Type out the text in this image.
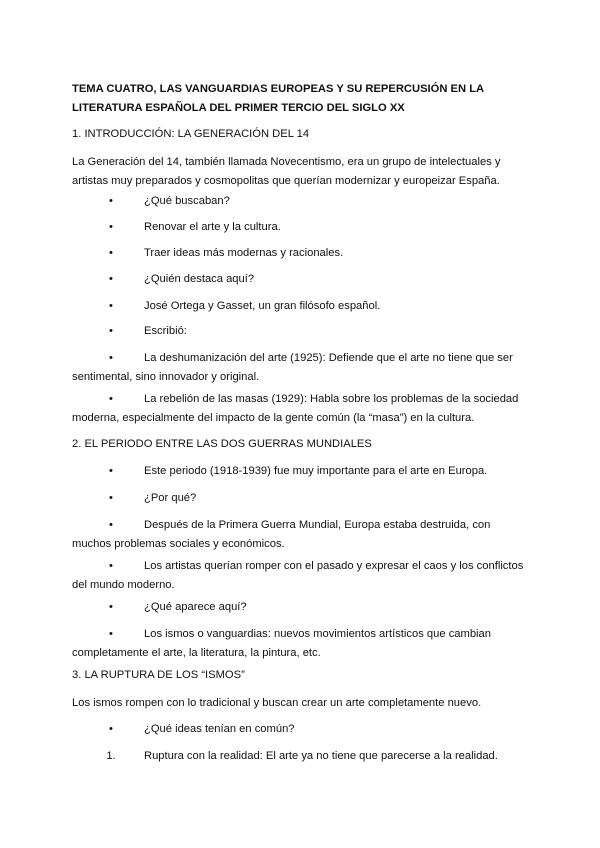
TEMA CUATRO, LAS VANGUARDIAS EUROPEAS Y SU REPERCUSIÓN EN LA
LITERATURA ESPAÑOLA DEL PRIMER TERCIO DEL SIGLO XX
1. INTRODUCCIÓN: LA GENERACIÓN DEL 14
La Generación del 14, también llamada Novecentismo, era un grupo de intelectuales y
artistas muy preparados y cosmopolitas que querían modernizar y europeizar España.
•	¿Qué buscaban?
•	Renovar el arte y la cultura.
•	Traer ideas más modernas y racionales.
•	¿Quién destaca aquí?
•	José Ortega y Gasset, un gran filósofo español.
•	Escribió:
•	La deshumanización del arte (1925): Defiende que el arte no tiene que ser
sentimental, sino innovador y original.
•	La rebelión de las masas (1929): Habla sobre los problemas de la sociedad
moderna, especialmente del impacto de la gente común (la “masa”) en la cultura.
2. EL PERIODO ENTRE LAS DOS GUERRAS MUNDIALES
•	Este periodo (1918-1939) fue muy importante para el arte en Europa.
•	¿Por qué?
•	Después de la Primera Guerra Mundial, Europa estaba destruida, con
muchos problemas sociales y económicos.
•	Los artistas querían romper con el pasado y expresar el caos y los conflictos
del mundo moderno.
•	¿Qué aparece aquí?
•	Los ismos o vanguardias: nuevos movimientos artísticos que cambian
completamente el arte, la literatura, la pintura, etc.
3. LA RUPTURA DE LOS “ISMOS”
Los ismos rompen con lo tradicional y buscan crear un arte completamente nuevo.
•	¿Qué ideas tenían en común?
1.	Ruptura con la realidad: El arte ya no tiene que parecerse a la realidad.
